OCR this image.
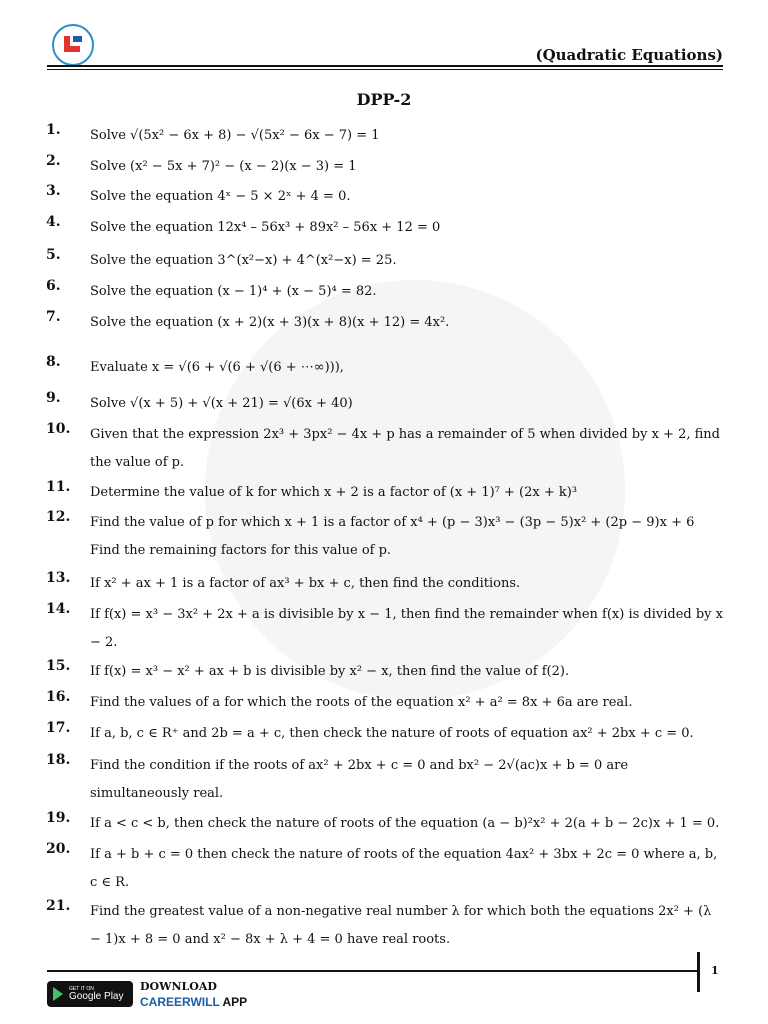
(Quadratic Equations)
DPP-2
1. Solve √(5x² − 6x + 8) − √(5x² − 6x − 7) = 1
2. Solve (x² − 5x + 7)² − (x − 2)(x − 3) = 1
3. Solve the equation 4ˣ − 5 × 2ˣ + 4 = 0.
4. Solve the equation 12x⁴ – 56x³ + 89x² – 56x + 12 = 0
5. Solve the equation 3^(x²−x) + 4^(x²−x) = 25.
6. Solve the equation (x − 1)⁴ + (x − 5)⁴ = 82.
7. Solve the equation (x + 2)(x + 3)(x + 8)(x + 12) = 4x².
8. Evaluate x = √(6 + √(6 + √(6 + ⋯∞))),
9. Solve √(x + 5) + √(x + 21) = √(6x + 40)
10. Given that the expression 2x³ + 3px² − 4x + p has a remainder of 5 when divided by x + 2, find the value of p.
11. Determine the value of k for which x + 2 is a factor of (x + 1)⁷ + (2x + k)³
12. Find the value of p for which x + 1 is a factor of x⁴ + (p − 3)x³ − (3p − 5)x² + (2p − 9)x + 6 Find the remaining factors for this value of p.
13. If x² + ax + 1 is a factor of ax³ + bx + c, then find the conditions.
14. If f(x) = x³ − 3x² + 2x + a is divisible by x − 1, then find the remainder when f(x) is divided by x − 2.
15. If f(x) = x³ − x² + ax + b is divisible by x² − x, then find the value of f(2).
16. Find the values of a for which the roots of the equation x² + a² = 8x + 6a are real.
17. If a, b, c ∈ R⁺ and 2b = a + c, then check the nature of roots of equation ax² + 2bx + c = 0.
18. Find the condition if the roots of ax² + 2bx + c = 0 and bx² − 2√(ac)x + b = 0 are simultaneously real.
19. If a < c < b, then check the nature of roots of the equation (a − b)²x² + 2(a + b − 2c)x + 1 = 0.
20. If a + b + c = 0 then check the nature of roots of the equation 4ax² + 3bx + 2c = 0 where a, b, c ∈ R.
21. Find the greatest value of a non-negative real number λ for which both the equations 2x² + (λ − 1)x + 8 = 0 and x² − 8x + λ + 4 = 0 have real roots.
1
GET IT ON
Google Play
DOWNLOAD
CAREERWILL APP
